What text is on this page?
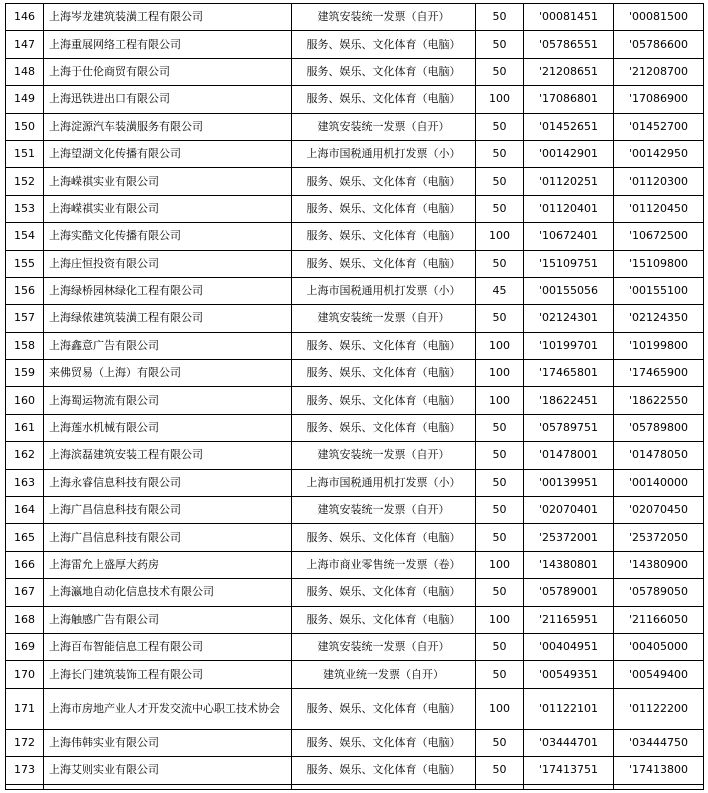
146	上海岑龙建筑装潢工程有限公司	建筑安装统一发票（自开）	50	'00081451	'00081500
147	上海重展网络工程有限公司	服务、娱乐、文化体育（电脑）	50	'05786551	'05786600
148	上海于仕伦商贸有限公司	服务、娱乐、文化体育（电脑）	50	'21208651	'21208700
149	上海迅铁进出口有限公司	服务、娱乐、文化体育（电脑）	100	'17086801	'17086900
150	上海淀源汽车装潢服务有限公司	建筑安装统一发票（自开）	50	'01452651	'01452700
151	上海望湖文化传播有限公司	上海市国税通用机打发票（小）	50	'00142901	'00142950
152	上海嵘祺实业有限公司	服务、娱乐、文化体育（电脑）	50	'01120251	'01120300
153	上海嵘祺实业有限公司	服务、娱乐、文化体育（电脑）	50	'01120401	'01120450
154	上海实酷文化传播有限公司	服务、娱乐、文化体育（电脑）	100	'10672401	'10672500
155	上海庄恒投资有限公司	服务、娱乐、文化体育（电脑）	50	'15109751	'15109800
156	上海绿桥园林绿化工程有限公司	上海市国税通用机打发票（小）	45	'00155056	'00155100
157	上海绿侬建筑装潢工程有限公司	建筑安装统一发票（自开）	50	'02124301	'02124350
158	上海鑫意广告有限公司	服务、娱乐、文化体育（电脑）	100	'10199701	'10199800
159	来佛贸易（上海）有限公司	服务、娱乐、文化体育（电脑）	100	'17465801	'17465900
160	上海蜀运物流有限公司	服务、娱乐、文化体育（电脑）	100	'18622451	'18622550
161	上海莲水机械有限公司	服务、娱乐、文化体育（电脑）	50	'05789751	'05789800
162	上海滨磊建筑安装工程有限公司	建筑安装统一发票（自开）	50	'01478001	'01478050
163	上海永睿信息科技有限公司	上海市国税通用机打发票（小）	50	'00139951	'00140000
164	上海广昌信息科技有限公司	建筑安装统一发票（自开）	50	'02070401	'02070450
165	上海广昌信息科技有限公司	服务、娱乐、文化体育（电脑）	50	'25372001	'25372050
166	上海雷允上盛厚大药房	上海市商业零售统一发票（卷）	100	'14380801	'14380900
167	上海瀛地自动化信息技术有限公司	服务、娱乐、文化体育（电脑）	50	'05789001	'05789050
168	上海触感广告有限公司	服务、娱乐、文化体育（电脑）	100	'21165951	'21166050
169	上海百布智能信息工程有限公司	建筑安装统一发票（自开）	50	'00404951	'00405000
170	上海长门建筑装饰工程有限公司	建筑业统一发票（自开）	50	'00549351	'00549400
171	上海市房地产业人才开发交流中心职工技术协会	服务、娱乐、文化体育（电脑）	100	'01122101	'01122200
172	上海伟韩实业有限公司	服务、娱乐、文化体育（电脑）	50	'03444701	'03444750
173	上海艾则实业有限公司	服务、娱乐、文化体育（电脑）	50	'17413751	'17413800
